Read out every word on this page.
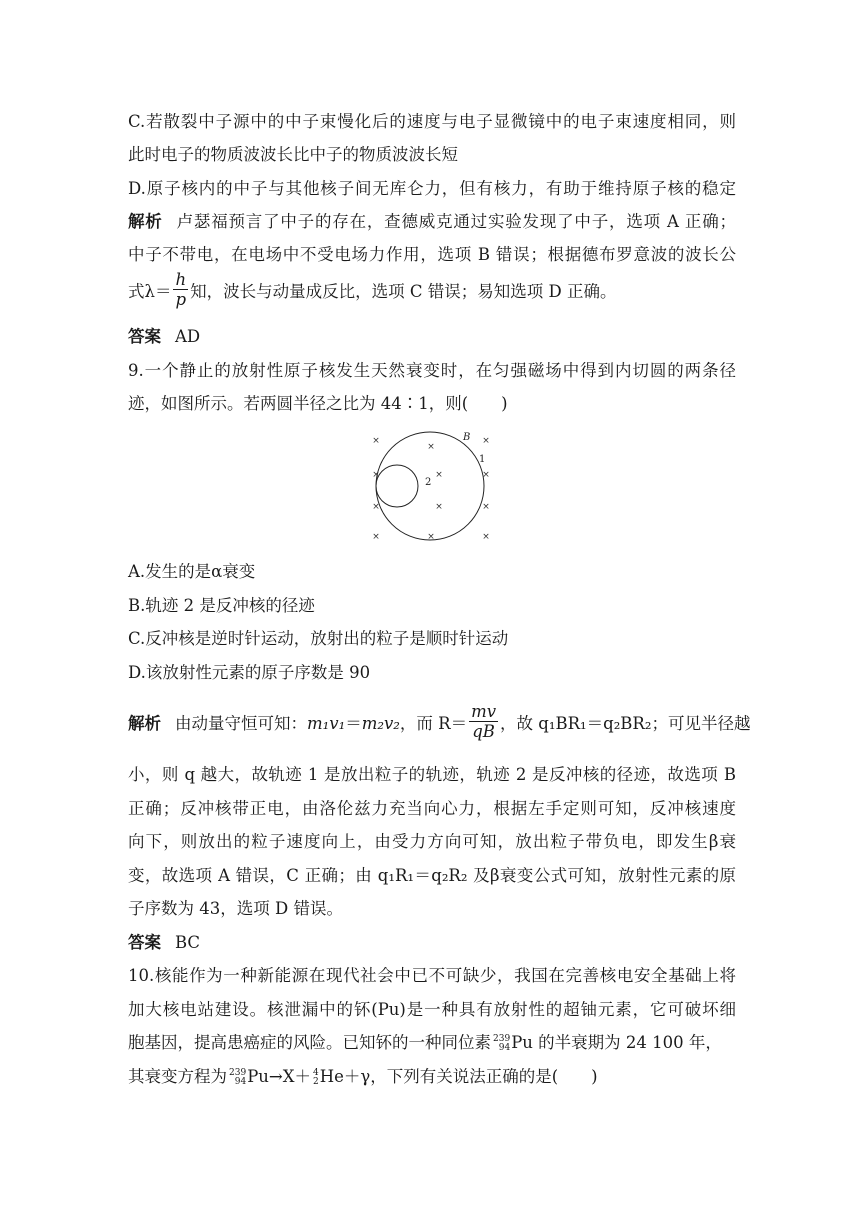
C.若散裂中子源中的中子束慢化后的速度与电子显微镜中的电子束速度相同，则
此时电子的物质波波长比中子的物质波波长短
D.原子核内的中子与其他核子间无库仑力，但有核力，有助于维持原子核的稳定
解析 卢瑟福预言了中子的存在，查德威克通过实验发现了中子，选项 A 正确；
中子不带电，在电场中不受电场力作用，选项 B 错误；根据德布罗意波的波长公
式$\lambda= \frac{h}{p}$ 知，波长与动量成反比，选项 C 错误；易知选项 D 正确。
答案 AD
9.一个静止的放射性原子核发生天然衰变时，在匀强磁场中得到内切圆的两条径
迹，如图所示。若两圆半径之比为 44∶1，则(　　)
×
×
×
×	×	×
×	×	×
×	×	×
B
1
2
A.发生的是α衰变
B.轨迹 2 是反冲核的径迹
C.反冲核是逆时针运动，放射出的粒子是顺时针运动
D.该放射性元素的原子序数是 90
解析 由动量守恒可知：m₁v₁＝m₂v₂，而 $R= \frac{mv}{qB}$ ，故 q₁BR₁＝q₂BR₂；可见半径越
小，则 q 越大，故轨迹 1 是放出粒子的轨迹，轨迹 2 是反冲核的径迹，故选项 B
正确；反冲核带正电，由洛伦兹力充当向心力，根据左手定则可知，反冲核速度
向下，则放出的粒子速度向上，由受力方向可知，放出粒子带负电，即发生β衰
变，故选项 A 错误，C 正确；由 q₁R₁＝q₂R₂ 及β衰变公式可知，放射性元素的原
子序数为 43，选项 D 错误。
答案 BC
10.核能作为一种新能源在现代社会中已不可缺少，我国在完善核电安全基础上将
加大核电站建设。核泄漏中的钚(Pu)是一种具有放射性的超铀元素，它可破坏细
胞基因，提高患癌症的风险。已知钚的一种同位素 239
94 Pu 的半衰期为 24 100 年，
其衰变方程为 239
94 Pu→X＋ 4
2 He＋γ，下列有关说法正确的是(　　)
